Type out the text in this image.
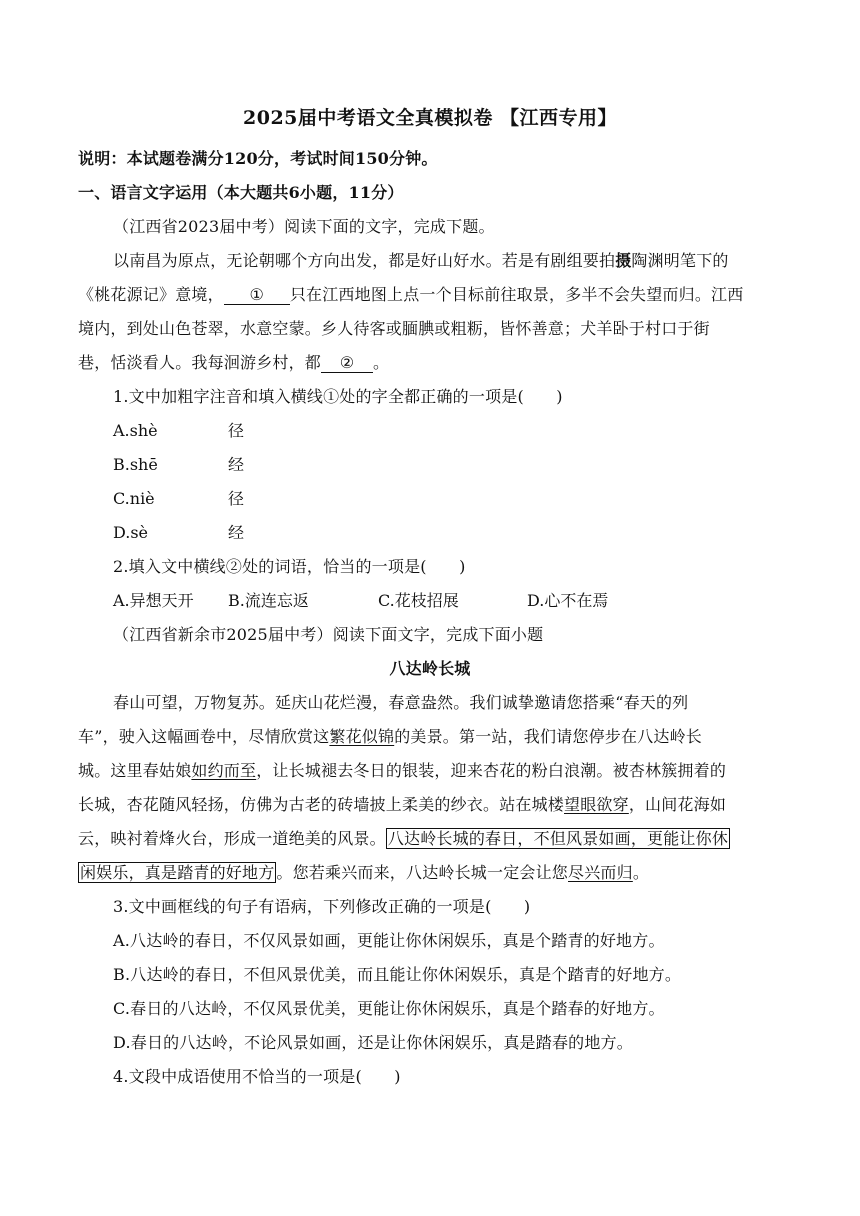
2025届中考语文全真模拟卷 【江西专用】
说明：本试题卷满分120分，考试时间150分钟。
一、语言文字运用（本大题共6小题，11分）
（江西省2023届中考）阅读下面的文字，完成下题。
以南昌为原点，无论朝哪个方向出发，都是好山好水。若是有剧组要拍摄陶渊明笔下的
《桃花源记》意境， ① 只在江西地图上点一个目标前往取景，多半不会失望而归。江西
境内，到处山色苍翠，水意空蒙。乡人待客或腼腆或粗粝，皆怀善意；犬羊卧于村口于街
巷，恬淡看人。我每洄游乡村，都 ② 。
1.文中加粗字注音和填入横线①处的字全都正确的一项是(　　)
A.shè	径
B.shē	经
C.niè	径
D.sè	经
2.填入文中横线②处的词语，恰当的一项是(　　)
A.异想天开 B.流连忘返	C.花枝招展	D.心不在焉
（江西省新余市2025届中考）阅读下面文字，完成下面小题
八达岭长城
春山可望，万物复苏。延庆山花烂漫，春意盎然。我们诚挚邀请您搭乘“春天的列
车”，驶入这幅画卷中，尽情欣赏这繁花似锦的美景。第一站，我们请您停步在八达岭长
城。这里春姑娘如约而至，让长城褪去冬日的银装，迎来杏花的粉白浪潮。被杏林簇拥着的
长城，杏花随风轻扬，仿佛为古老的砖墙披上柔美的纱衣。站在城楼望眼欲穿，山间花海如
云，映衬着烽火台，形成一道绝美的风景。 八达岭长城的春日，不但风景如画，更能让你休
闲娱乐，真是踏青的好地方 。您若乘兴而来，八达岭长城一定会让您尽兴而归。
3.文中画框线的句子有语病，下列修改正确的一项是(　　)
A.八达岭的春日，不仅风景如画，更能让你休闲娱乐，真是个踏青的好地方。
B.八达岭的春日，不但风景优美，而且能让你休闲娱乐，真是个踏青的好地方。
C.春日的八达岭，不仅风景优美，更能让你休闲娱乐，真是个踏春的好地方。
D.春日的八达岭，不论风景如画，还是让你休闲娱乐，真是踏春的地方。
4.文段中成语使用不恰当的一项是(　　)
